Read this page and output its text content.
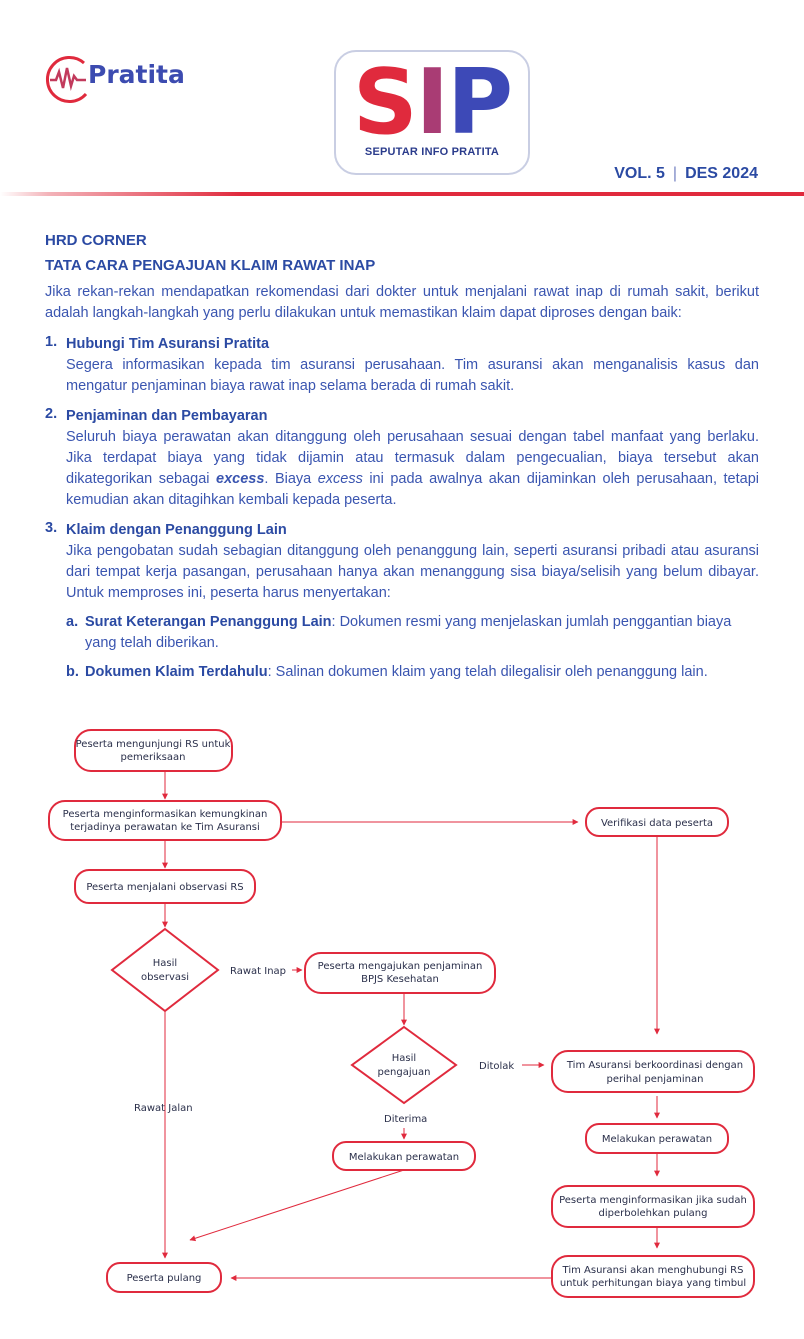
Pratita SIP
SEPUTAR INFO PRATITA
VOL. 5 | DES 2024

HRD CORNER

TATA CARA PENGAJUAN KLAIM RAWAT INAP

Jika rekan-rekan mendapatkan rekomendasi dari dokter untuk menjalani rawat inap di rumah sakit, berikut adalah langkah-langkah yang perlu dilakukan untuk memastikan klaim dapat diproses dengan baik:

1. Hubungi Tim Asuransi Pratita
Segera informasikan kepada tim asuransi perusahaan. Tim asuransi akan menganalisis kasus dan mengatur penjaminan biaya rawat inap selama berada di rumah sakit.
2. Penjaminan dan Pembayaran
Seluruh biaya perawatan akan ditanggung oleh perusahaan sesuai dengan tabel manfaat yang berlaku. Jika terdapat biaya yang tidak dijamin atau termasuk dalam pengecualian, biaya tersebut akan dikategorikan sebagai excess. Biaya excess ini pada awalnya akan dijaminkan oleh perusahaan, tetapi kemudian akan ditagihkan kembali kepada peserta.
3. Klaim dengan Penanggung Lain
Jika pengobatan sudah sebagian ditanggung oleh penanggung lain, seperti asuransi pribadi atau asuransi dari tempat kerja pasangan, perusahaan hanya akan menanggung sisa biaya/selisih yang belum dibayar. Untuk memproses ini, peserta harus menyertakan:
a. Surat Keterangan Penanggung Lain: Dokumen resmi yang menjelaskan jumlah penggantian biaya yang telah diberikan.
b. Dokumen Klaim Terdahulu: Salinan dokumen klaim yang telah dilegalisir oleh penanggung lain.
Peserta mengunjungi RS untuk pemeriksaan
Peserta menginformasikan kemungkinan terjadinya perawatan ke Tim Asuransi
Peserta menjalani observasi RS
Hasil observasi
Peserta mengajukan penjaminan BPJS Kesehatan
Hasil pengajuan
Melakukan perawatan
Peserta pulang
Verifikasi data peserta
Tim Asuransi berkoordinasi dengan perihal penjaminan
Melakukan perawatan
Peserta menginformasikan jika sudah diperbolehkan pulang
Tim Asuransi akan menghubungi RS untuk perhitungan biaya yang timbul
Rawat Inap
Rawat Jalan
Ditolak
Diterima
